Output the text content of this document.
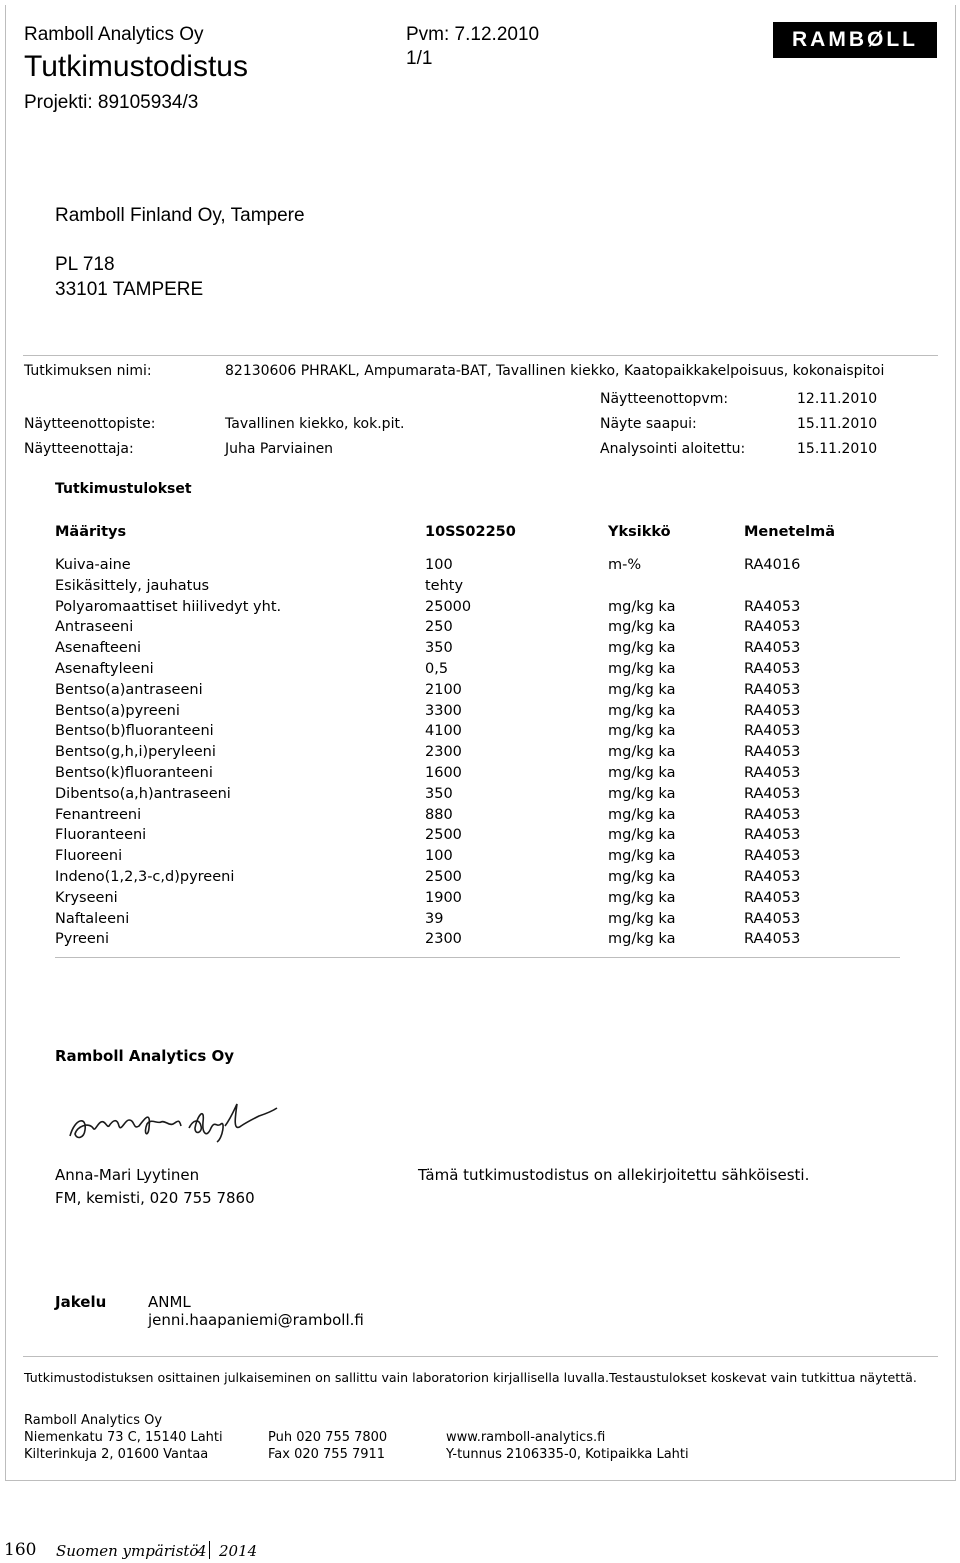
Ramboll Analytics Oy
Tutkimustodistus
Projekti: 89105934/3
Pvm: 7.12.2010
1/1
RAMBØLL
Ramboll Finland Oy, Tampere
PL 718
33101 TAMPERE
Tutkimuksen nimi:	82130606 PHRAKL, Ampumarata-BAT, Tavallinen kiekko, Kaatopaikkakelpoisuus, kokonaispitoi
Näytteenottopvm:	12.11.2010
Näytteenottopiste:	Tavallinen kiekko, kok.pit.	Näyte saapui:	15.11.2010
Näytteenottaja:	Juha Parviainen	Analysointi aloitettu:	15.11.2010
Tutkimustulokset
Määritys	10SS02250	Yksikkö	Menetelmä
Kuiva-aine	100	m-%	RA4016
Esikäsittely, jauhatus	tehty
Polyaromaattiset hiilivedyt yht.	25000	mg/kg ka	RA4053
Antraseeni	250	mg/kg ka	RA4053
Asenafteeni	350	mg/kg ka	RA4053
Asenaftyleeni	0,5	mg/kg ka	RA4053
Bentso(a)antraseeni	2100	mg/kg ka	RA4053
Bentso(a)pyreeni	3300	mg/kg ka	RA4053
Bentso(b)fluoranteeni	4100	mg/kg ka	RA4053
Bentso(g,h,i)peryleeni	2300	mg/kg ka	RA4053
Bentso(k)fluoranteeni	1600	mg/kg ka	RA4053
Dibentso(a,h)antraseeni	350	mg/kg ka	RA4053
Fenantreeni	880	mg/kg ka	RA4053
Fluoranteeni	2500	mg/kg ka	RA4053
Fluoreeni	100	mg/kg ka	RA4053
Indeno(1,2,3-c,d)pyreeni	2500	mg/kg ka	RA4053
Kryseeni	1900	mg/kg ka	RA4053
Naftaleeni	39	mg/kg ka	RA4053
Pyreeni	2300	mg/kg ka	RA4053
Ramboll Analytics Oy
Anna-Mari Lyytinen
FM, kemisti, 020 755 7860
Tämä tutkimustodistus on allekirjoitettu sähköisesti.
Jakelu	ANML
jenni.haapaniemi@ramboll.fi
Tutkimustodistuksen osittainen julkaiseminen on sallittu vain laboratorion kirjallisella luvalla.Testaustulokset koskevat vain tutkittua näytettä.
Ramboll Analytics Oy
Niemenkatu 73 C, 15140 Lahti
Kilterinkuja 2, 01600 Vantaa
Puh 020 755 7800
Fax 020 755 7911
www.ramboll-analytics.fi
Y-tunnus 2106335-0, Kotipaikka Lahti
160 Suomen ympäristö
4 2014
